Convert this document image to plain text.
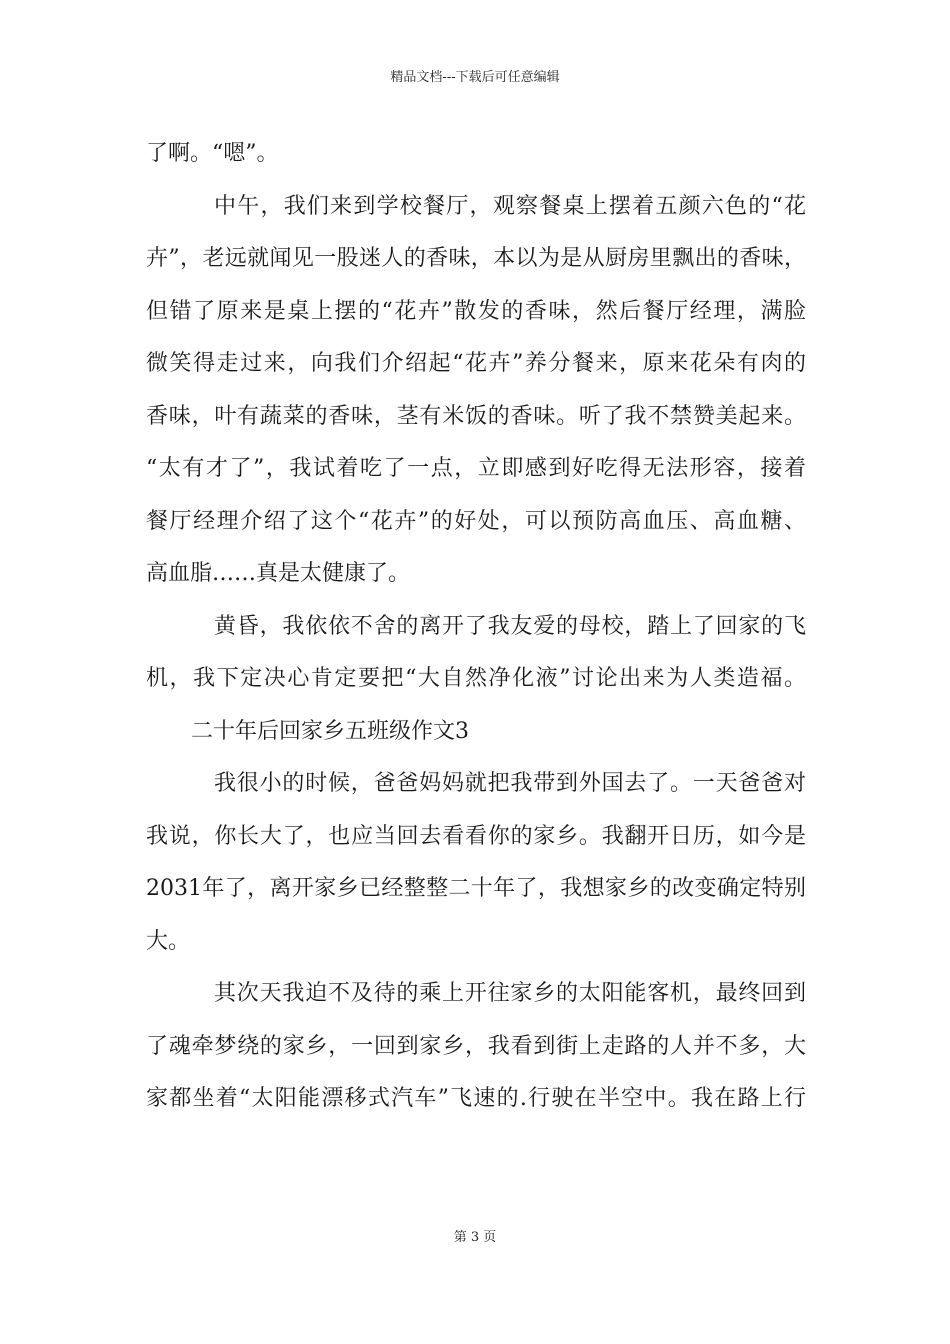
精品文档---下载后可任意编辑
了啊。“嗯”。
中午，我们来到学校餐厅，观察餐桌上摆着五颜六色的“花
卉”，老远就闻见一股迷人的香味，本以为是从厨房里飘出的香味，
但错了原来是桌上摆的“花卉”散发的香味，然后餐厅经理，满脸
微笑得走过来，向我们介绍起“花卉”养分餐来，原来花朵有肉的
香味，叶有蔬菜的香味，茎有米饭的香味。听了我不禁赞美起来。
“太有才了”，我试着吃了一点，立即感到好吃得无法形容，接着
餐厅经理介绍了这个“花卉”的好处，可以预防高血压、高血糖、
高血脂……真是太健康了。
黄昏，我依依不舍的离开了我友爱的母校，踏上了回家的飞
机，我下定决心肯定要把“大自然净化液”讨论出来为人类造福。
二十年后回家乡五班级作文3
我很小的时候，爸爸妈妈就把我带到外国去了。一天爸爸对
我说，你长大了，也应当回去看看你的家乡。我翻开日历，如今是
2031年了，离开家乡已经整整二十年了，我想家乡的改变确定特别
大。
其次天我迫不及待的乘上开往家乡的太阳能客机，最终回到
了魂牵梦绕的家乡，一回到家乡，我看到街上走路的人并不多，大
家都坐着“太阳能漂移式汽车”飞速的.行驶在半空中。我在路上行
第 3 页
